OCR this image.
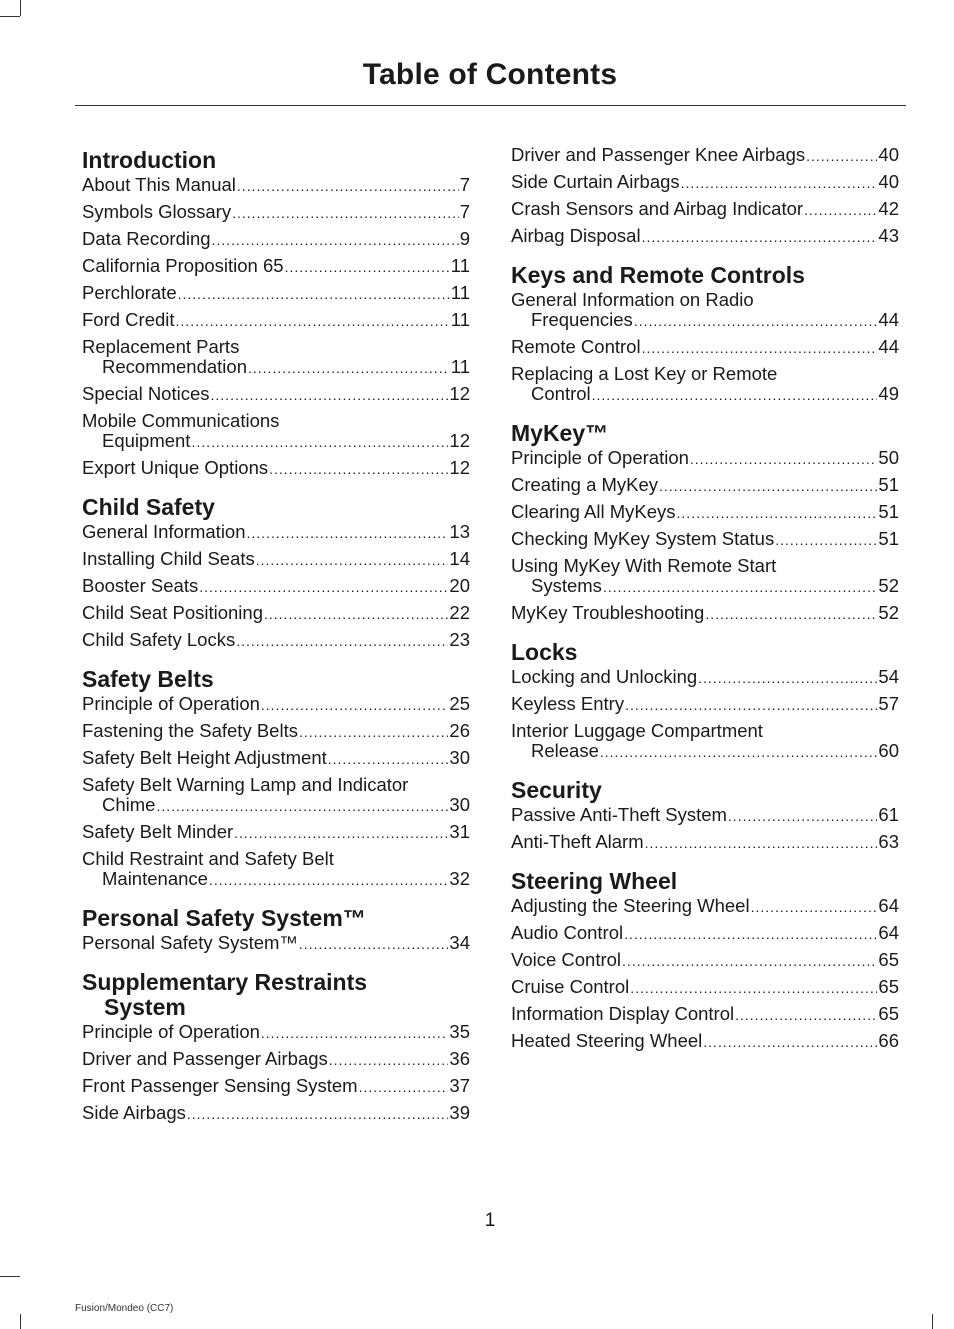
Table of Contents
Introduction
About This Manual .....	7
Symbols Glossary .....	7
Data Recording .....	9
California Proposition 65 .....	11
Perchlorate .....	11
Ford Credit .....	11
Replacement Parts
Recommendation .....	11
Special Notices .....	12
Mobile Communications
Equipment .....	12
Export Unique Options .....	12
Child Safety
General Information .....	13
Installing Child Seats .....	14
Booster Seats .....	20
Child Seat Positioning .....	22
Child Safety Locks .....	23
Safety Belts
Principle of Operation .....	25
Fastening the Safety Belts .....	26
Safety Belt Height Adjustment .....	30
Safety Belt Warning Lamp and Indicator
Chime .....	30
Safety Belt Minder .....	31
Child Restraint and Safety Belt
Maintenance .....	32
Personal Safety System™
Personal Safety System™ .....	34
Supplementary Restraints
System
Principle of Operation .....	35
Driver and Passenger Airbags .....	36
Front Passenger Sensing System .....	37
Side Airbags .....	39
Driver and Passenger Knee Airbags .....	40
Side Curtain Airbags .....	40
Crash Sensors and Airbag Indicator .....	42
Airbag Disposal .....	43
Keys and Remote Controls
General Information on Radio
Frequencies .....	44
Remote Control .....	44
Replacing a Lost Key or Remote
Control .....	49
MyKey™
Principle of Operation .....	50
Creating a MyKey .....	51
Clearing All MyKeys .....	51
Checking MyKey System Status .....	51
Using MyKey With Remote Start
Systems .....	52
MyKey Troubleshooting .....	52
Locks
Locking and Unlocking .....	54
Keyless Entry .....	57
Interior Luggage Compartment
Release .....	60
Security
Passive Anti-Theft System .....	61
Anti-Theft Alarm .....	63
Steering Wheel
Adjusting the Steering Wheel .....	64
Audio Control .....	64
Voice Control .....	65
Cruise Control .....	65
Information Display Control .....	65
Heated Steering Wheel .....	66
1
Fusion/Mondeo (CC7)
